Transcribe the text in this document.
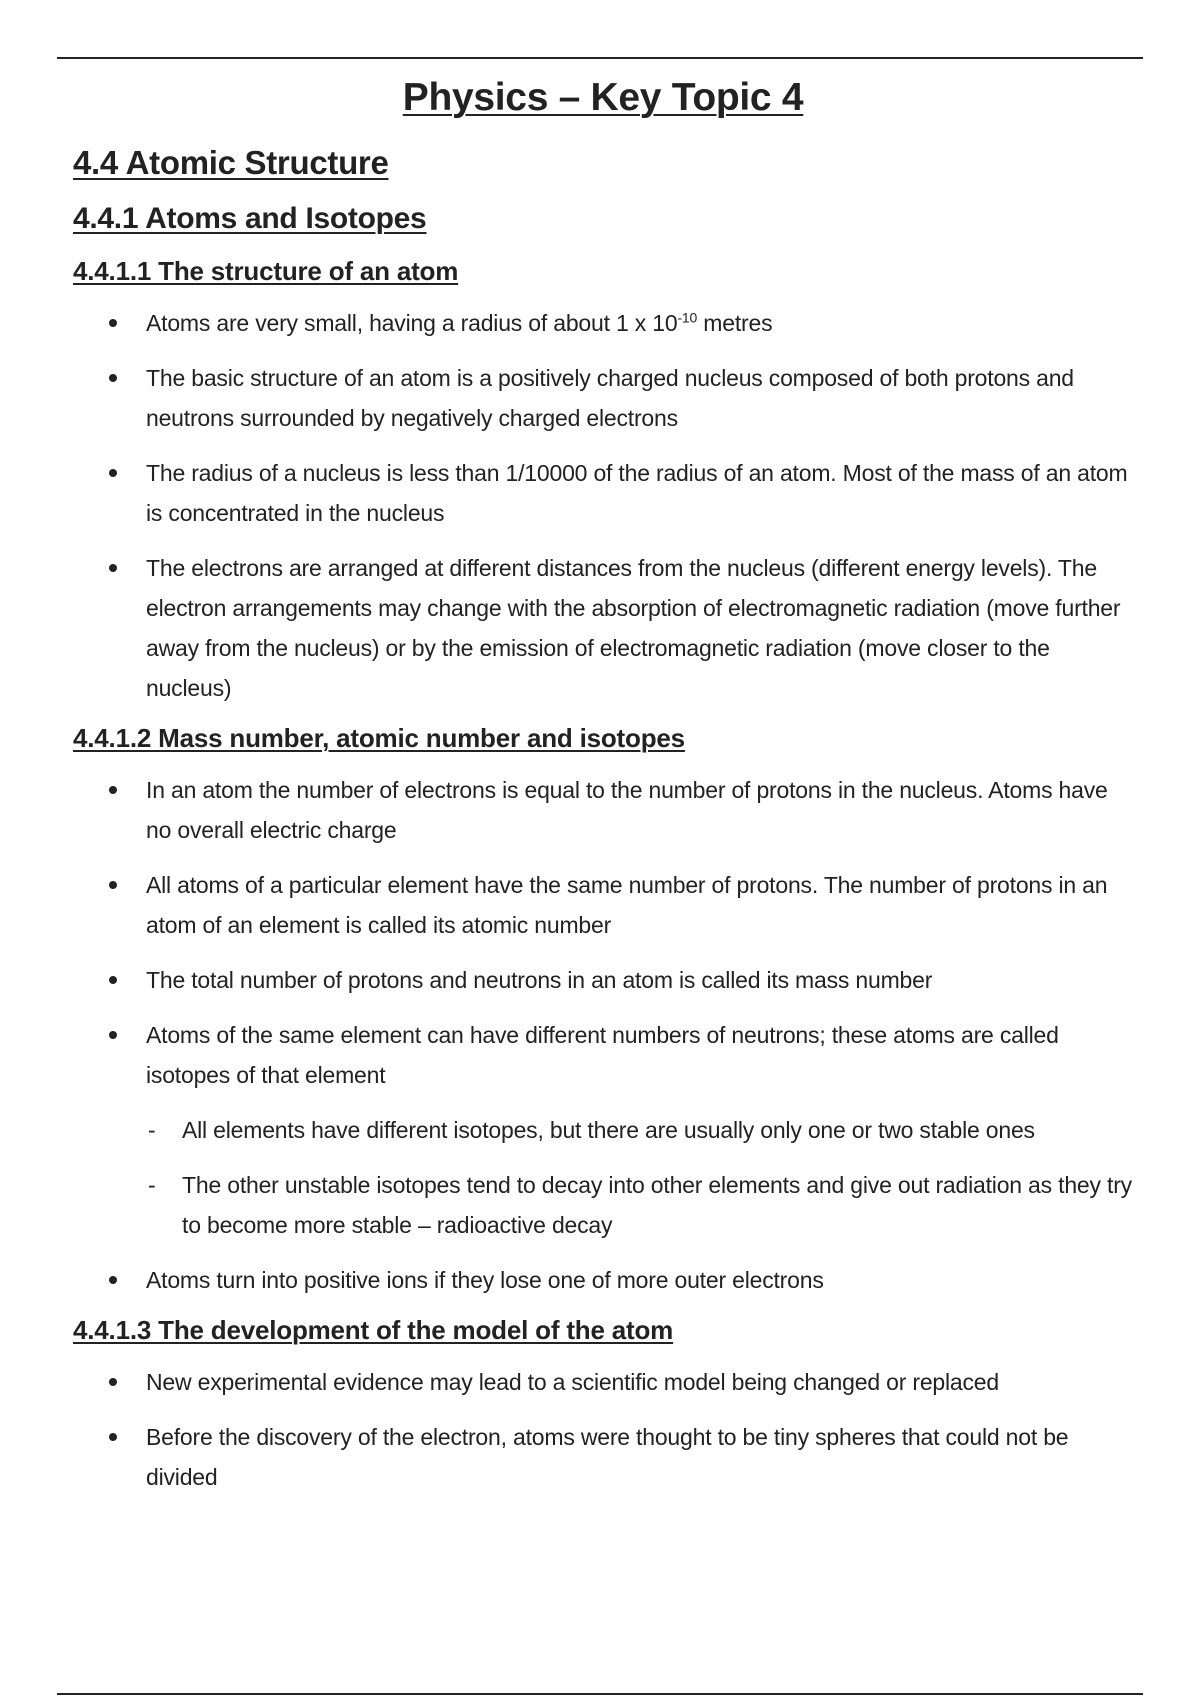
Physics – Key Topic 4
4.4 Atomic Structure
4.4.1 Atoms and Isotopes
4.4.1.1 The structure of an atom
Atoms are very small, having a radius of about 1 x $10^{-10}$ metres
The basic structure of an atom is a positively charged nucleus composed of both protons and neutrons surrounded by negatively charged electrons
The radius of a nucleus is less than 1/10000 of the radius of an atom. Most of the mass of an atom is concentrated in the nucleus
The electrons are arranged at different distances from the nucleus (different energy levels). The electron arrangements may change with the absorption of electromagnetic radiation (move further away from the nucleus) or by the emission of electromagnetic radiation (move closer to the nucleus)
4.4.1.2 Mass number, atomic number and isotopes
In an atom the number of electrons is equal to the number of protons in the nucleus. Atoms have no overall electric charge
All atoms of a particular element have the same number of protons. The number of protons in an atom of an element is called its atomic number
The total number of protons and neutrons in an atom is called its mass number
Atoms of the same element can have different numbers of neutrons; these atoms are called isotopes of that element
- All elements have different isotopes, but there are usually only one or two stable ones
- The other unstable isotopes tend to decay into other elements and give out radiation as they try to become more stable – radioactive decay
Atoms turn into positive ions if they lose one of more outer electrons
4.4.1.3 The development of the model of the atom
New experimental evidence may lead to a scientific model being changed or replaced
Before the discovery of the electron, atoms were thought to be tiny spheres that could not be divided
